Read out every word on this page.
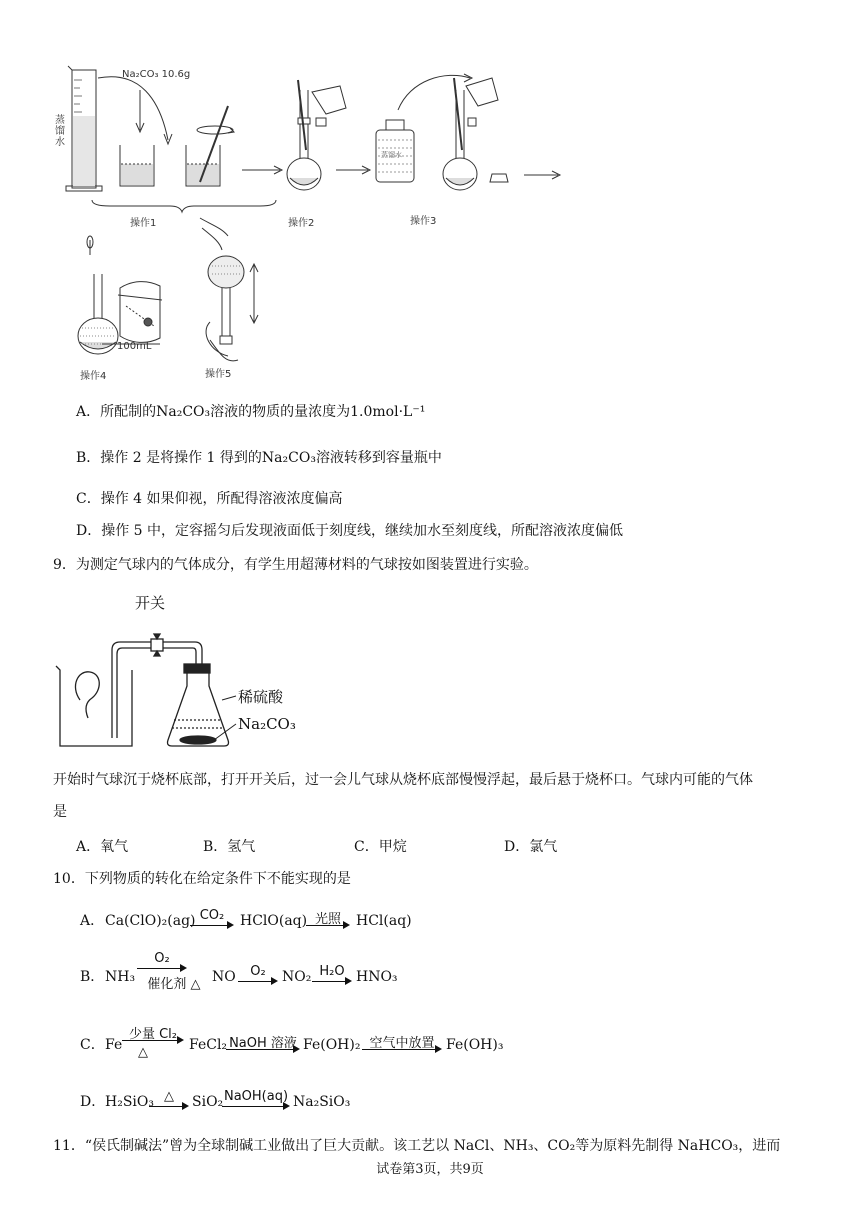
Na₂CO₃ 10.6g
蒸馏水
操作1	操作2	操作3
蒸馏水
100mL
操作4	操作5
A．所配制的Na₂CO₃溶液的物质的量浓度为1.0mol·L⁻¹
B．操作 2 是将操作 1 得到的Na₂CO₃溶液转移到容量瓶中
C．操作 4 如果仰视，所配得溶液浓度偏高
D．操作 5 中，定容摇匀后发现液面低于刻度线，继续加水至刻度线，所配溶液浓度偏低
9．为测定气球内的气体成分，有学生用超薄材料的气球按如图装置进行实验。
开关
稀硫酸
Na₂CO₃
开始时气球沉于烧杯底部，打开开关后，过一会儿气球从烧杯底部慢慢浮起，最后悬于烧杯口。气球内可能的气体
是
A．氧气	B．氢气	C．甲烷	D．氯气
10．下列物质的转化在给定条件下不能实现的是
A． Ca(ClO)₂(ag) CO₂	HClO(aq) 光照	HCl(aq)
B． NH₃
O₂
催化剂 △ NO	O₂	NO₂ H₂O HNO₃
C． Fe
少量 Cl₂
△	FeCl₂ NaOH 溶液 Fe(OH)₂ 空气中放置 Fe(OH)₃
D． H₂SiO₃ △	SiO₂ NaOH(aq) Na₂SiO₃
11．“侯氏制碱法”曾为全球制碱工业做出了巨大贡献。该工艺以 NaCl、NH₃、CO₂等为原料先制得 NaHCO₃，进而
试卷第3页，共9页
